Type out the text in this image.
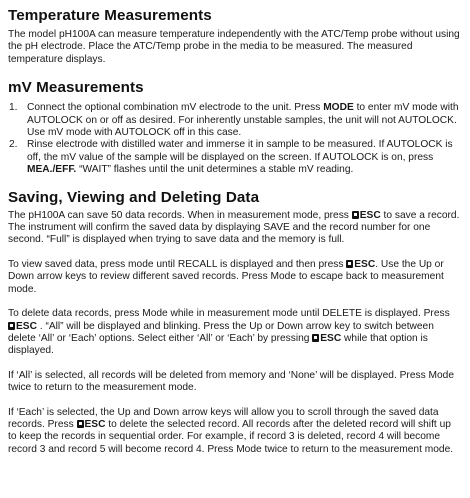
Temperature Measurements

The model pH100A can measure temperature independently with the ATC/Temp probe without using the pH electrode. Place the ATC/Temp probe in the media to be measured. The measured temperature displays.

mV Measurements
1. Connect the optional combination mV electrode to the unit. Press MODE to enter mV mode with AUTOLOCK on or off as desired. For inherently unstable samples, the unit will not AUTOLOCK. Use mV mode with AUTOLOCK off in this case.
2. Rinse electrode with distilled water and immerse it in sample to be measured. If AUTOLOCK is off, the mV value of the sample will be displayed on the screen. If AUTOLOCK is on, press MEA./EFF. “WAIT” flashes until the unit determines a stable mV reading.
Saving, Viewing and Deleting Data

The pH100A can save 50 data records. When in measurement mode, press ESC to save a record. The instrument will confirm the saved data by displaying SAVE and the record number for one second. “Full” is displayed when trying to save data and the memory is full.

To view saved data, press mode until RECALL is displayed and then press ESC. Use the Up or Down arrow keys to review different saved records. Press Mode to escape back to measurement mode.

To delete data records, press Mode while in measurement mode until DELETE is displayed. Press ESC . “All” will be displayed and blinking. Press the Up or Down arrow key to switch between delete ‘All’ or ‘Each’ options. Select either ‘All’ or ‘Each’ by pressing ESC while that option is displayed.

If ‘All’ is selected, all records will be deleted from memory and ‘None’ will be displayed. Press Mode twice to return to the measurement mode.

If ‘Each’ is selected, the Up and Down arrow keys will allow you to scroll through the saved data records. Press ESC to delete the selected record. All records after the deleted record will shift up to keep the records in sequential order. For example, if record 3 is deleted, record 4 will become record 3 and record 5 will become record 4. Press Mode twice to return to the measurement mode.
